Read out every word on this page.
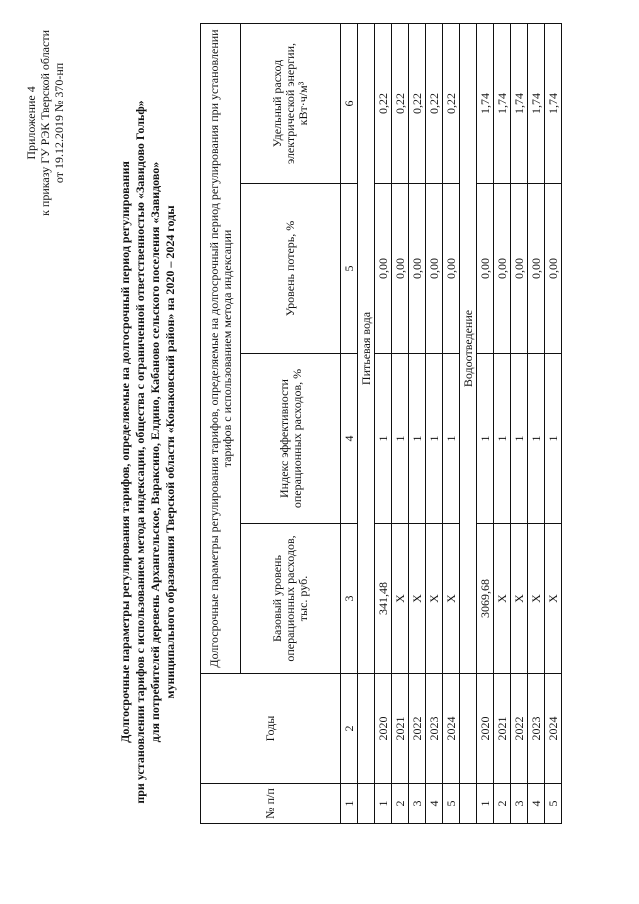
Приложение 4 к приказу ГУ РЭК Тверской области от 19.12.2019 № 370-нп
Долгосрочные параметры регулирования тарифов, определяемые на долгосрочный период регулирования при установлении тарифов с использованием метода индексации, общества с ограниченной ответственностью «Завидово Гольф» для потребителей деревень Архангельское, Вараксино, Елдино, Кабаново сельского поселения «Завидово» муниципального образования Тверской области «Конаковский район» на 2020 – 2024 годы
№ п/п	Годы	Долгосрочные параметры регулирования тарифов, определяемые на долгосрочный период регулирования при установлении тарифов с использованием метода индексации			
		Базовый уровень операционных расходов, тыс. руб.	Индекс эффективности операционных расходов, %	Уровень потерь, %	Удельный расход электрической энергии, кВт·ч/м³
1	2	3	4	5	6
		Питьевая вода			
1	2020	341,48	1	0,00	0,22
2	2021	Х	1	0,00	0,22
3	2022	Х	1	0,00	0,22
4	2023	Х	1	0,00	0,22
5	2024	Х	1	0,00	0,22
		Водоотведение			
1	2020	3069,68	1	0,00	1,74
2	2021	Х	1	0,00	1,74
3	2022	Х	1	0,00	1,74
4	2023	Х	1	0,00	1,74
5	2024	Х	1	0,00	1,74
